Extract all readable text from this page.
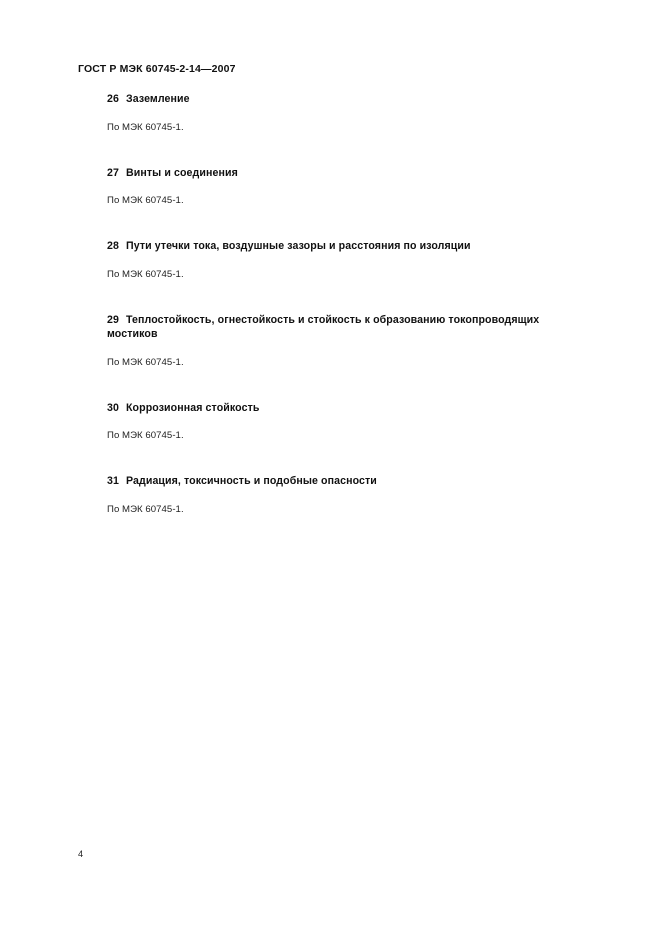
ГОСТ Р МЭК 60745-2-14—2007

26 Заземление

По МЭК 60745-1.

27 Винты и соединения

По МЭК 60745-1.

28 Пути утечки тока, воздушные зазоры и расстояния по изоляции

По МЭК 60745-1.

29 Теплостойкость, огнестойкость и стойкость к образованию токопроводящих мостиков

По МЭК 60745-1.

30 Коррозионная стойкость

По МЭК 60745-1.

31 Радиация, токсичность и подобные опасности

По МЭК 60745-1.

4
